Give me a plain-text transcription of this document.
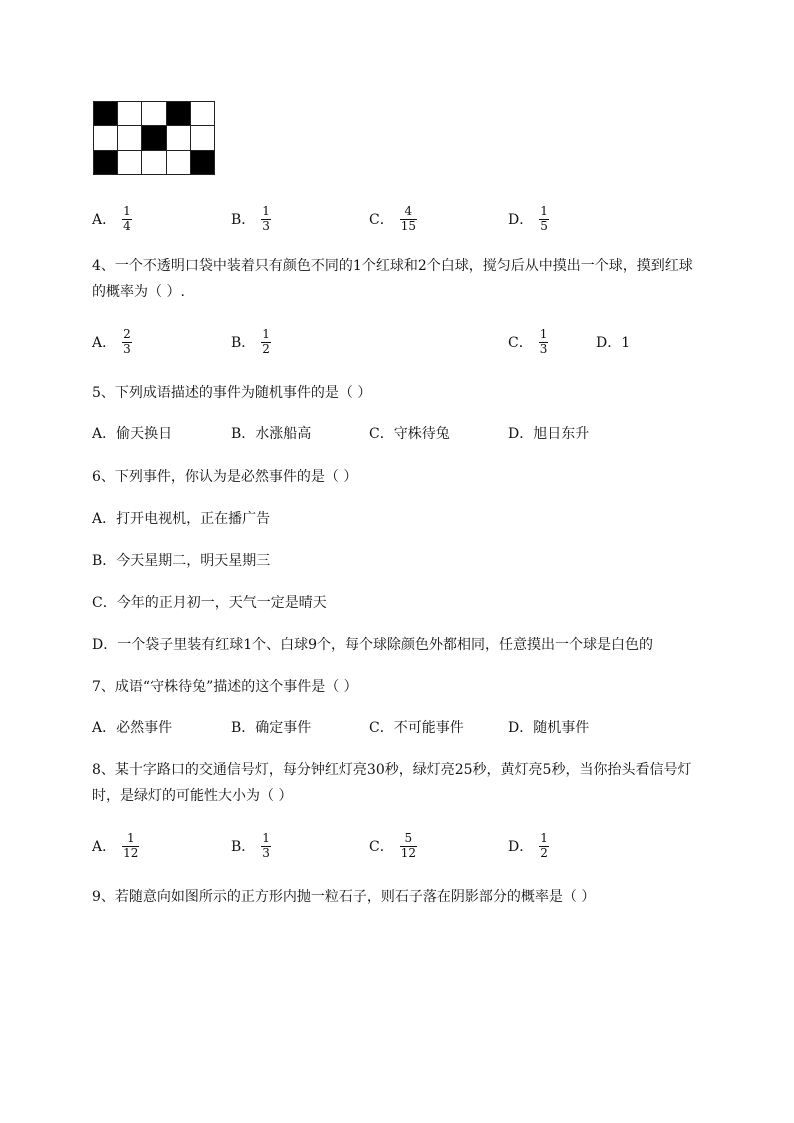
A． $\frac{1}{4}$	B． $\frac{1}{3}$	C． $\frac{4}{15}$	D． $\frac{1}{5}$
4、一个不透明口袋中装着只有颜色不同的1个红球和2个白球，搅匀后从中摸出一个球，摸到红球
的概率为（ ）.
A． $\frac{2}{3}$	B． $\frac{1}{2}$	C． $\frac{1}{3}$	D．1
5、下列成语描述的事件为随机事件的是（ ）
A．偷天换日	B．水涨船高	C．守株待兔	D．旭日东升
6、下列事件，你认为是必然事件的是（ ）
A．打开电视机，正在播广告
B．今天星期二，明天星期三
C．今年的正月初一，天气一定是晴天
D．一个袋子里装有红球1个、白球9个，每个球除颜色外都相同，任意摸出一个球是白色的
7、成语“守株待兔”描述的这个事件是（ ）
A．必然事件	B．确定事件	C．不可能事件	D．随机事件
8、某十字路口的交通信号灯，每分钟红灯亮30秒，绿灯亮25秒，黄灯亮5秒，当你抬头看信号灯
时，是绿灯的可能性大小为（ ）
A． $\frac{1}{12}$	B． $\frac{1}{3}$	C． $\frac{5}{12}$	D． $\frac{1}{2}$
9、若随意向如图所示的正方形内抛一粒石子，则石子落在阴影部分的概率是（ ）
